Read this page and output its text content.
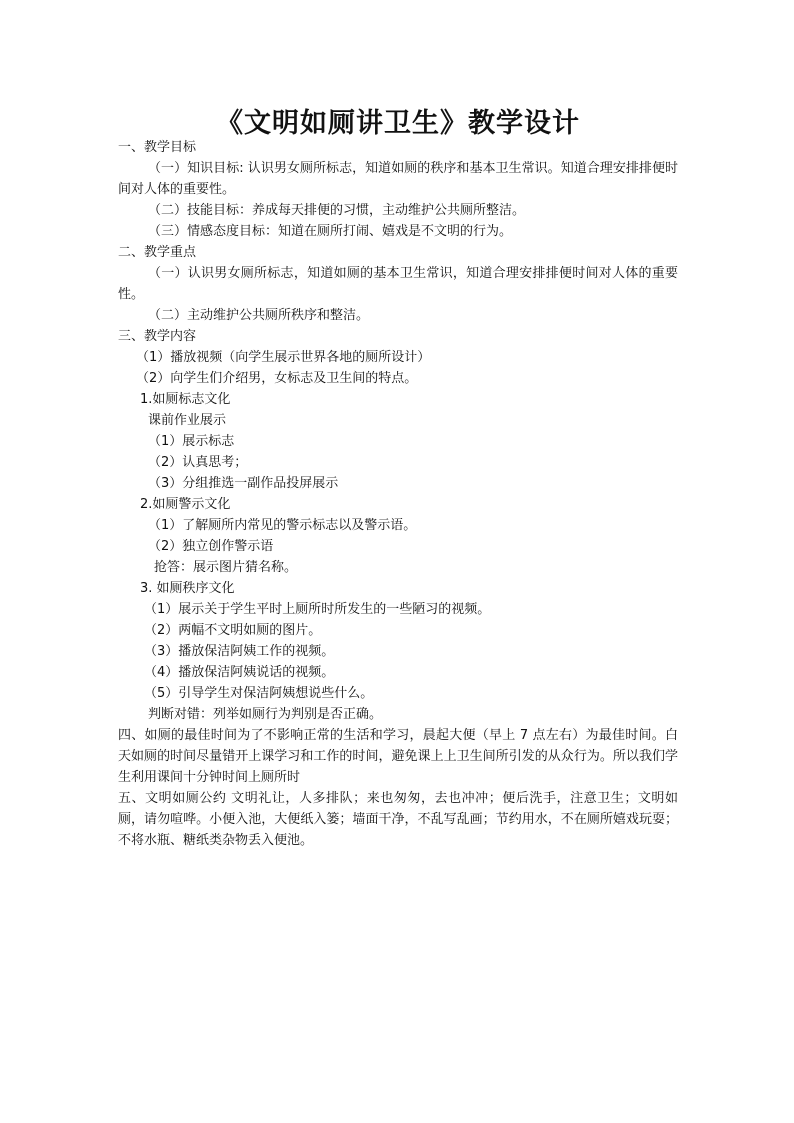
《文明如厕讲卫生》教学设计
一、教学目标
（一）知识目标: 认识男女厕所标志，知道如厕的秩序和基本卫生常识。知道合理安排排便时间对人体的重要性。
（二）技能目标：养成每天排便的习惯，主动维护公共厕所整洁。
（三）情感态度目标：知道在厕所打闹、嬉戏是不文明的行为。
二、教学重点
（一）认识男女厕所标志，知道如厕的基本卫生常识，知道合理安排排便时间对人体的重要性。
（二）主动维护公共厕所秩序和整洁。
三、教学内容
（1）播放视频（向学生展示世界各地的厕所设计）
（2）向学生们介绍男，女标志及卫生间的特点。
1.如厕标志文化
课前作业展示
（1）展示标志
（2）认真思考；
（3）分组推选一副作品投屏展示
2.如厕警示文化
（1）了解厕所内常见的警示标志以及警示语。
（2）独立创作警示语
抢答：展示图片猜名称。
3. 如厕秩序文化
（1）展示关于学生平时上厕所时所发生的一些陋习的视频。
（2）两幅不文明如厕的图片。
（3）播放保洁阿姨工作的视频。
（4）播放保洁阿姨说话的视频。
（5）引导学生对保洁阿姨想说些什么。
判断对错：列举如厕行为判别是否正确。
四、如厕的最佳时间为了不影响正常的生活和学习，晨起大便（早上 7 点左右）为最佳时间。白天如厕的时间尽量错开上课学习和工作的时间，避免课上上卫生间所引发的从众行为。所以我们学生利用课间十分钟时间上厕所时
五、文明如厕公约 文明礼让，人多排队；来也匆匆，去也冲冲；便后洗手，注意卫生；文明如厕，请勿喧哗。小便入池，大便纸入篓；墙面干净，不乱写乱画；节约用水，不在厕所嬉戏玩耍；不将水瓶、糖纸类杂物丢入便池。
